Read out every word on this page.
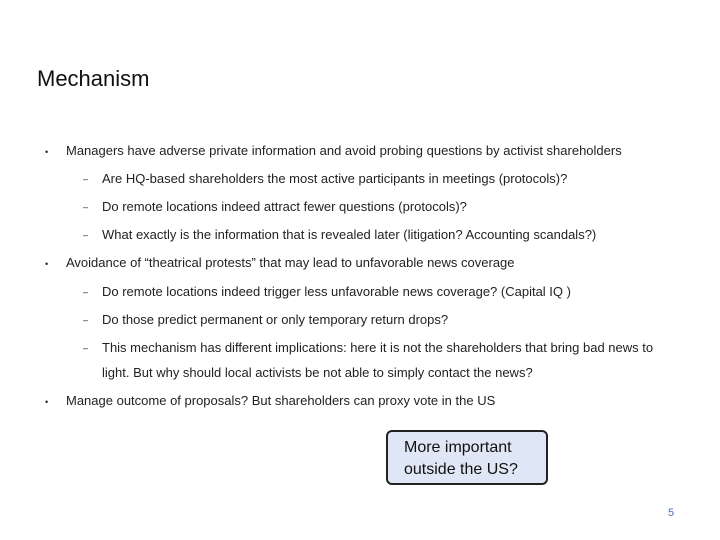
Mechanism
• Managers have adverse private information and avoid probing questions by activist shareholders
– Are HQ-based shareholders the most active participants in meetings (protocols)?
– Do remote locations indeed attract fewer questions (protocols)?
– What exactly is the information that is revealed later (litigation? Accounting scandals?)
• Avoidance of “theatrical protests” that may lead to unfavorable news coverage
– Do remote locations indeed trigger less unfavorable news coverage? (Capital IQ )
– Do those predict permanent or only temporary return drops?
– This mechanism has different implications: here it is not the shareholders that bring bad news to
light. But why should local activists be not able to simply contact the news?
• Manage outcome of proposals? But shareholders can proxy vote in the US
More important
outside the US?
5
